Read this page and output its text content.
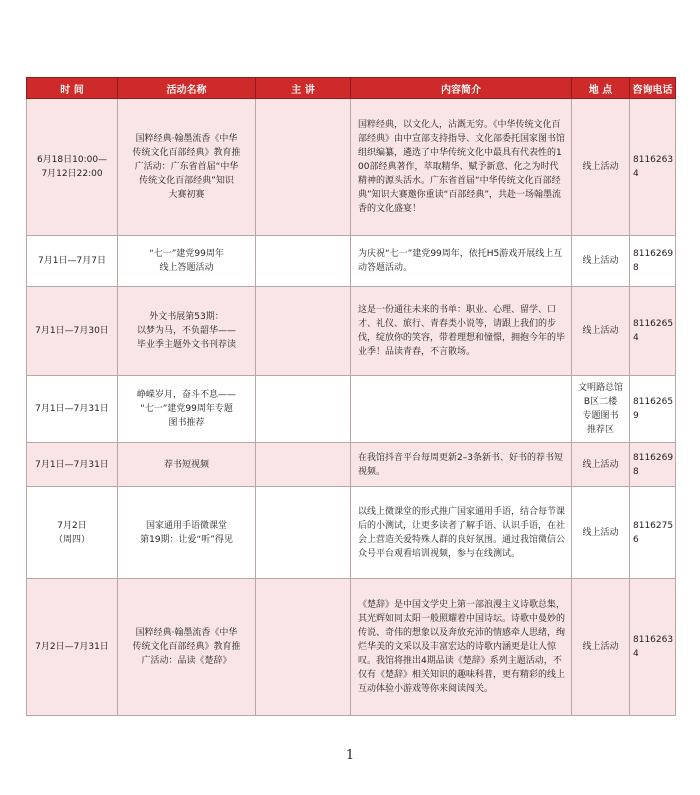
时 间	活动名称	主 讲	内容简介	地 点	咨询电话
6月18日10:00—
7月12日22:00	国粹经典·翰墨流香《中华
传统文化百部经典》教育推
广活动：广东省首届“中华
传统文化百部经典”知识
大赛初赛		国粹经典，以文化人，沾溉无穷。《中华传统文化百部经典》由中宣部支持指导、文化部委托国家图书馆组织编纂，遴选了中华传统文化中最具有代表性的100部经典著作，萃取精华、赋予新意、化之为时代精神的源头活水。广东省首届“中华传统文化百部经典”知识大赛邀你重读“百部经典”，共赴一场翰墨流香的文化盛宴！	线上活动	81162634
7月1日—7月7日	“七一”建党99周年
线上答题活动		为庆祝“七一”建党99周年，依托H5游戏开展线上互动答题活动。	线上活动	81162698
7月1日—7月30日	外文书展第53期：
以梦为马，不负韶华——
毕业季主题外文书刊荐读		这是一份通往未来的书单：职业、心理、留学、口才、礼仪、旅行、青春类小说等，请跟上我们的步伐，绽放你的笑容，带着理想和憧憬，拥抱今年的毕业季！品读青春，不言散场。	线上活动	81162654
7月1日—7月31日	峥嵘岁月，奋斗不息——
“七一”建党99周年专题
图书推荐			文明路总馆
B区二楼
专题图书
推荐区	81162659
7月1日—7月31日	荐书短视频		在我馆抖音平台每周更新2–3条新书、好书的荐书短视频。	线上活动	81162698
7月2日
（周四）	国家通用手语微课堂
第19期：让爱“听”得见		以线上微课堂的形式推广国家通用手语，结合每节课后的小测试，让更多读者了解手语、认识手语，在社会上营造关爱特殊人群的良好氛围。通过我馆微信公众号平台观看培训视频，参与在线测试。	线上活动	81162756
7月2日—7月31日	国粹经典·翰墨流香《中华
传统文化百部经典》教育推
广活动：品读《楚辞》		《楚辞》是中国文学史上第一部浪漫主义诗歌总集，其光辉如同太阳一般照耀着中国诗坛。诗歌中曼妙的传说、奇伟的想象以及奔放充沛的情感牵人思绪，绚烂华美的文采以及丰富宏达的诗歌内涵更是让人惊叹。我馆将推出4期品读《楚辞》系列主题活动，不仅有《楚辞》相关知识的趣味科普，更有精彩的线上互动体验小游戏等你来阅读闯关。	线上活动	81162634
1
